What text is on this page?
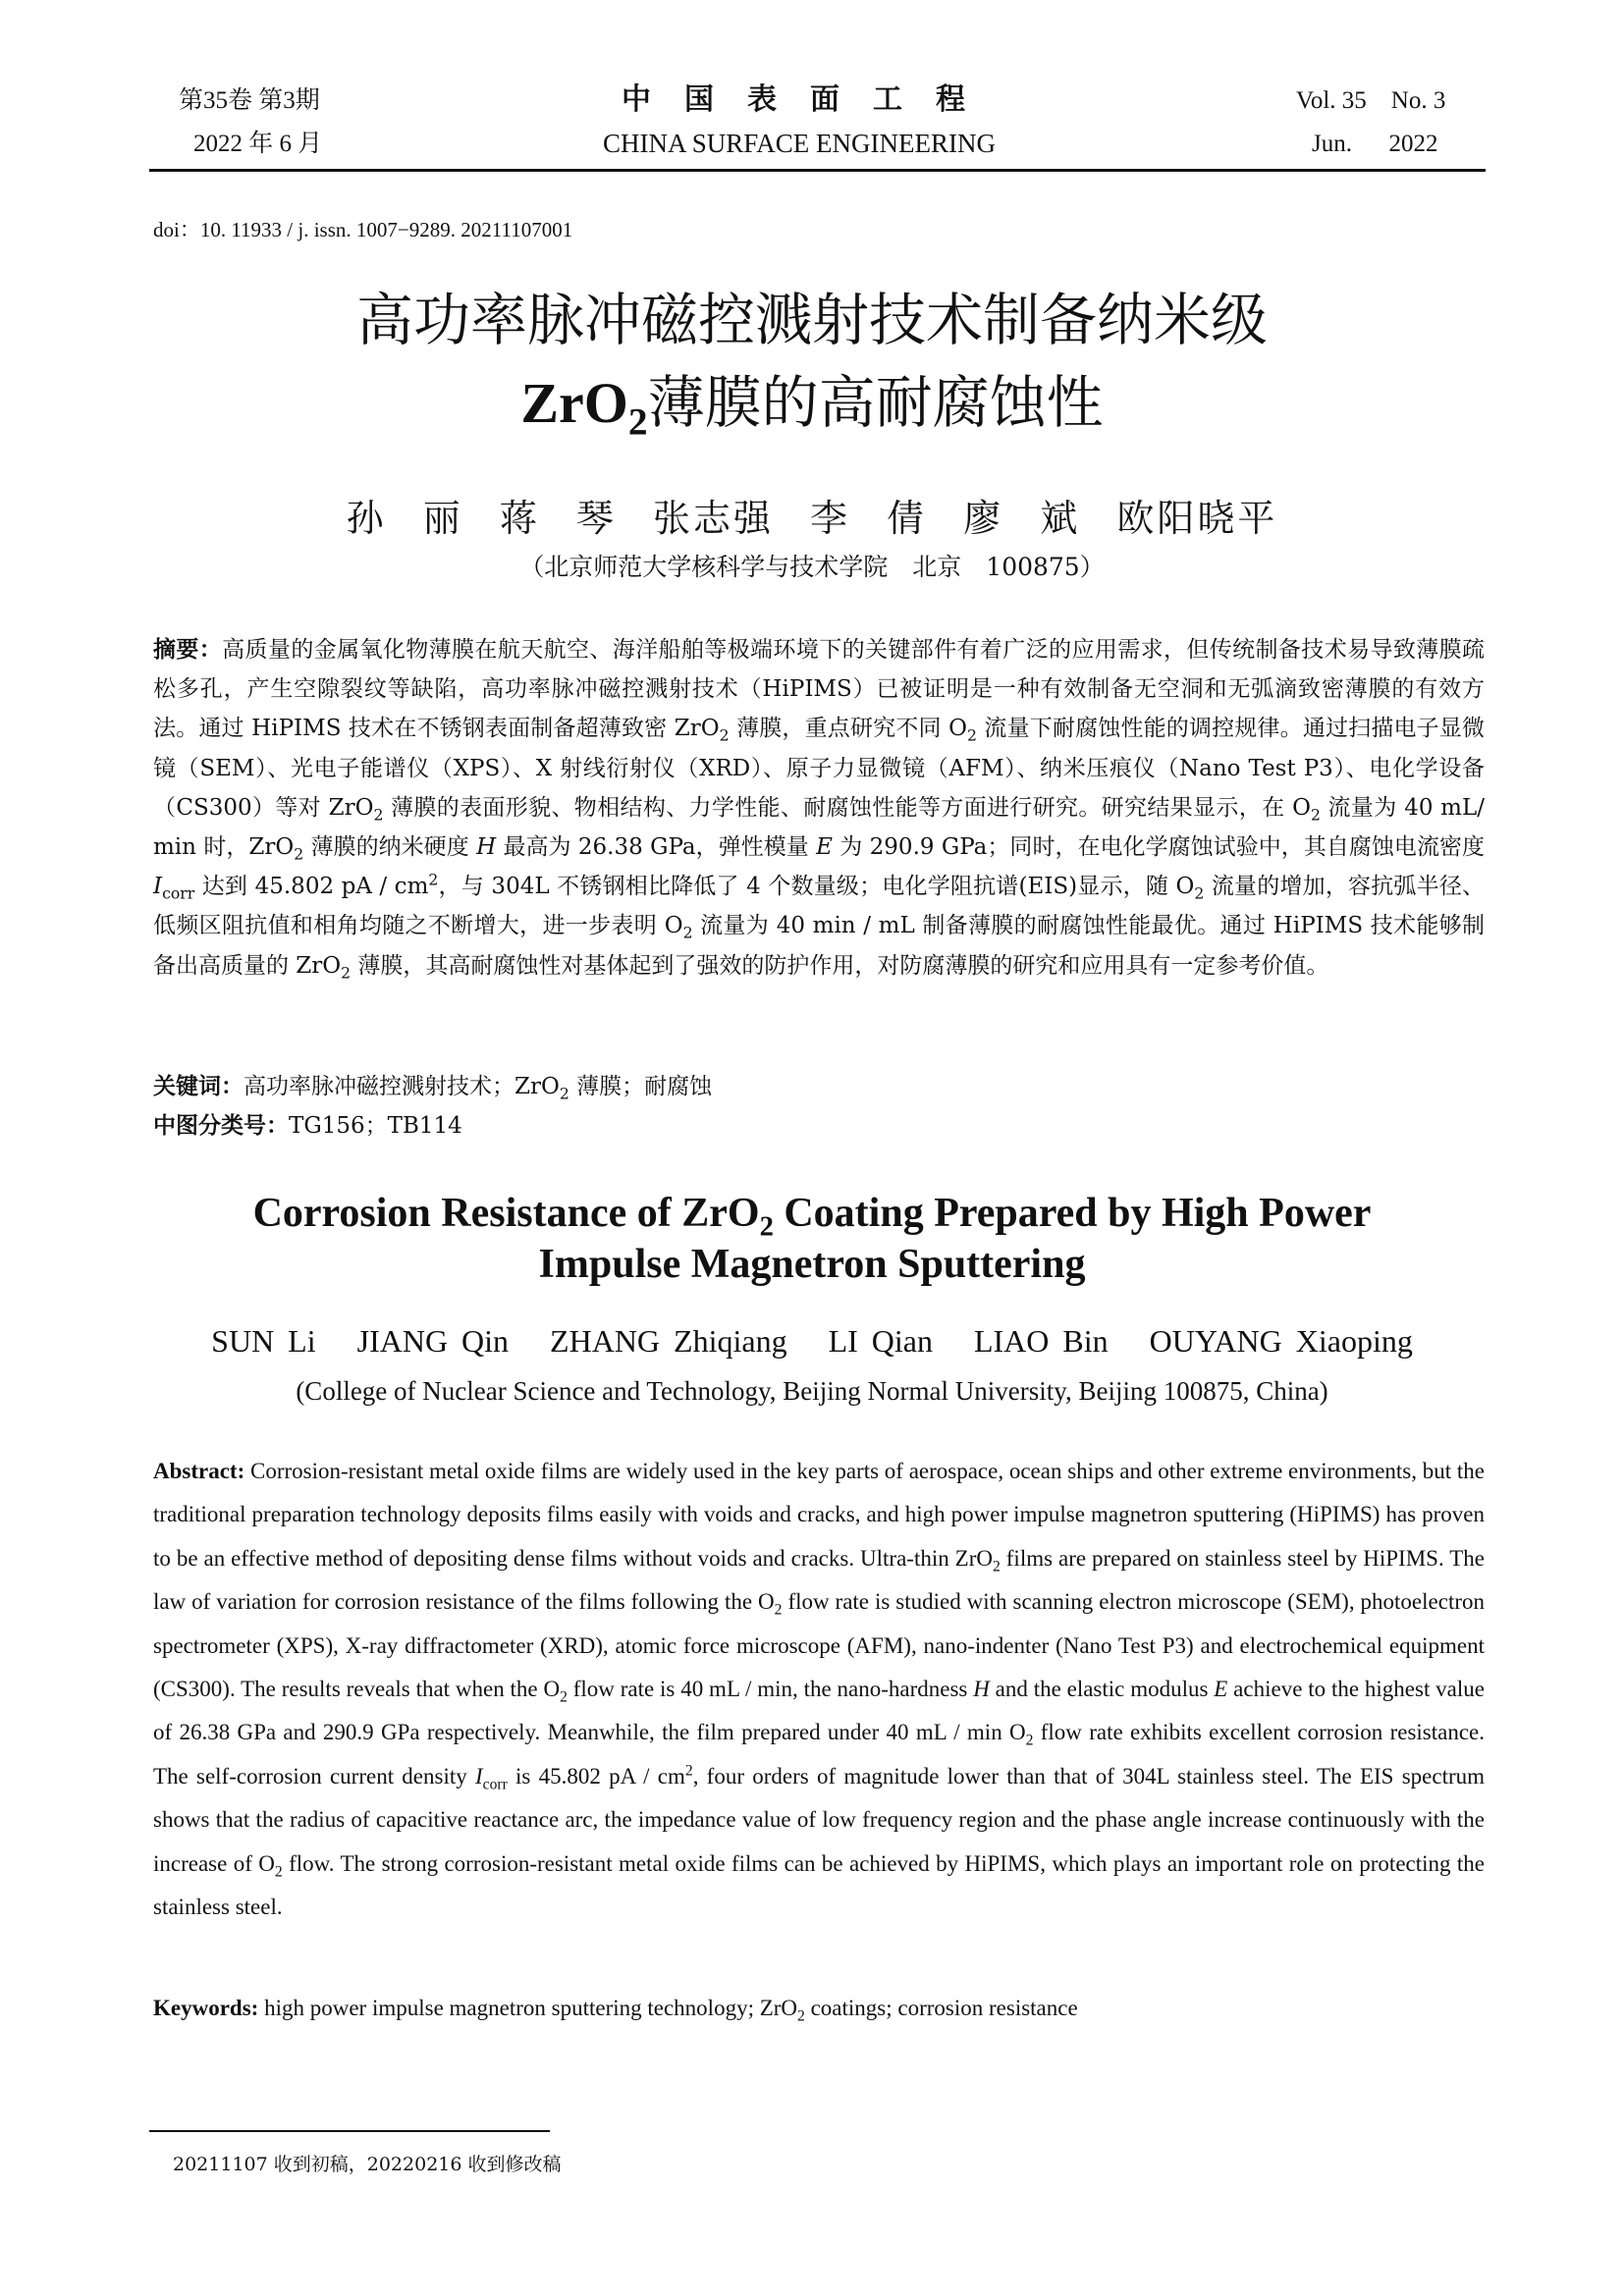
第35卷 第3期
2022 年 6 月
中国表面工程
CHINA SURFACE ENGINEERING
Vol. 35    No. 3
Jun.      2022
doi：10. 11933 / j. issn. 1007−9289. 20211107001
高功率脉冲磁控溅射技术制备纳米级
ZrO$_2$薄膜的高耐腐蚀性
孙 丽 蒋 琴 张志强 李 倩 廖 斌 欧阳晓平
（北京师范大学核科学与技术学院　北京　100875）
摘要：高质量的金属氧化物薄膜在航天航空、海洋船舶等极端环境下的关键部件有着广泛的应用需求，但传统制备技术易导致薄膜疏松多孔，产生空隙裂纹等缺陷，高功率脉冲磁控溅射技术（HiPIMS）已被证明是一种有效制备无空洞和无弧滴致密薄膜的有效方法。通过 HiPIMS 技术在不锈钢表面制备超薄致密 ZrO$_2$ 薄膜，重点研究不同 $O_2$ 流量下耐腐蚀性能的调控规律。通过扫描电子显微镜（SEM）、光电子能谱仪（XPS）、X 射线衍射仪（XRD）、原子力显微镜（AFM）、纳米压痕仪（Nano Test P3）、电化学设备（CS300）等对 ZrO$_2$ 薄膜的表面形貌、物相结构、力学性能、耐腐蚀性能等方面进行研究。研究结果显示，在 $O_2$ 流量为 40 mL/ min 时，ZrO$_2$ 薄膜的纳米硬度 H 最高为 26.38 GPa，弹性模量 E 为 290.9 GPa；同时，在电化学腐蚀试验中，其自腐蚀电流密度 $I_{corr}$ 达到 45.802 pA / $cm^2$，与 304L 不锈钢相比降低了 4 个数量级；电化学阻抗谱(EIS)显示，随 $O_2$ 流量的增加，容抗弧半径、低频区阻抗值和相角均随之不断增大，进一步表明 $O_2$ 流量为 40 min / mL 制备薄膜的耐腐蚀性能最优。通过 HiPIMS 技术能够制备出高质量的 ZrO$_2$ 薄膜，其高耐腐蚀性对基体起到了强效的防护作用，对防腐薄膜的研究和应用具有一定参考价值。
关键词：高功率脉冲磁控溅射技术；ZrO$_2$ 薄膜；耐腐蚀
中图分类号：TG156；TB114
Corrosion Resistance of ZrO$_2$ Coating Prepared by High Power
Impulse Magnetron Sputtering
SUN Li JIANG Qin ZHANG Zhiqiang LI Qian LIAO Bin OUYANG Xiaoping
(College of Nuclear Science and Technology, Beijing Normal University, Beijing 100875, China)
Abstract: Corrosion-resistant metal oxide films are widely used in the key parts of aerospace, ocean ships and other extreme environments, but the traditional preparation technology deposits films easily with voids and cracks, and high power impulse magnetron sputtering (HiPIMS) has proven to be an effective method of depositing dense films without voids and cracks. Ultra-thin ZrO$_2$ films are prepared on stainless steel by HiPIMS. The law of variation for corrosion resistance of the films following the $O_2$ flow rate is studied with scanning electron microscope (SEM), photoelectron spectrometer (XPS), X-ray diffractometer (XRD), atomic force microscope (AFM), nano-indenter (Nano Test P3) and electrochemical equipment (CS300). The results reveals that when the $O_2$ flow rate is 40 mL / min, the nano-hardness H and the elastic modulus E achieve to the highest value of 26.38 GPa and 290.9 GPa respectively. Meanwhile, the film prepared under 40 mL / $\min O_2$ flow rate exhibits excellent corrosion resistance. The self-corrosion current density $I_{corr}$ is 45.802 pA / $cm^2$, four orders of magnitude lower than that of 304L stainless steel. The EIS spectrum shows that the radius of capacitive reactance arc, the impedance value of low frequency region and the phase angle increase continuously with the increase of $O_2$ flow. The strong corrosion-resistant metal oxide films can be achieved by HiPIMS, which plays an important role on protecting the stainless steel.
Keywords: high power impulse magnetron sputtering technology; ZrO$_2$ coatings; corrosion resistance
20211107 收到初稿，20220216 收到修改稿
